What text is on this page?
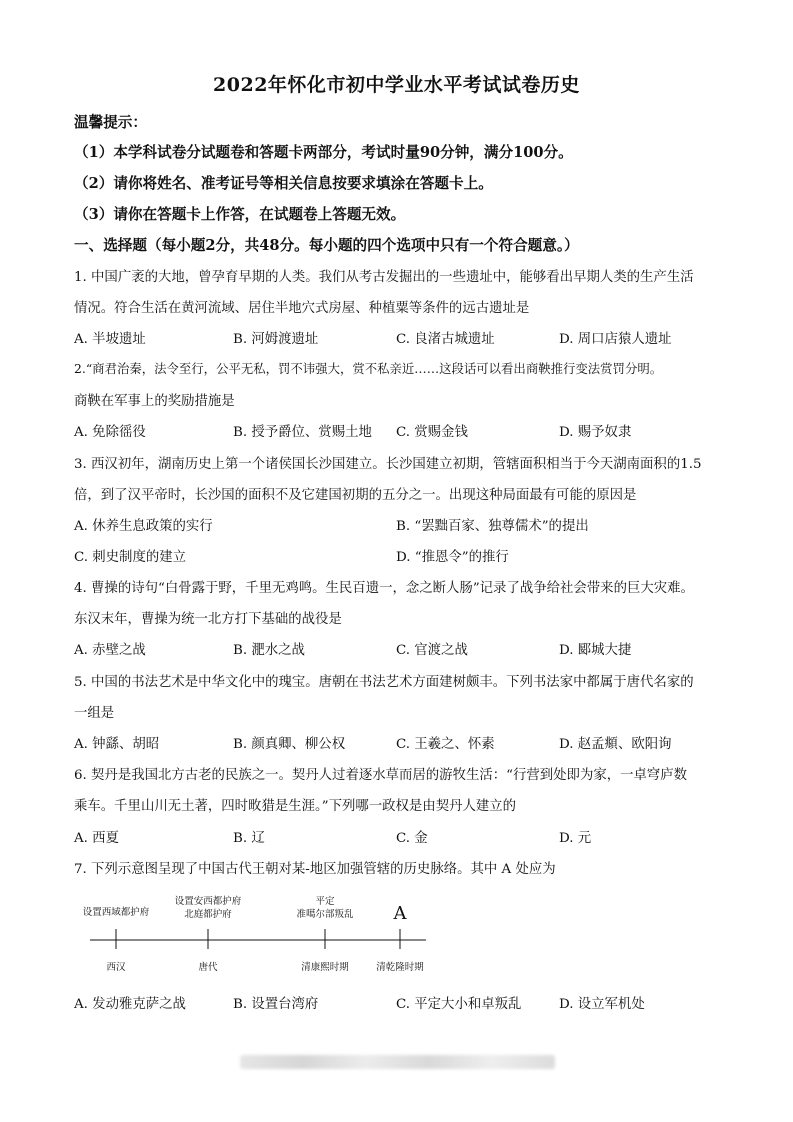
2022年怀化市初中学业水平考试试卷历史
温馨提示：
（1）本学科试卷分试题卷和答题卡两部分，考试时量90分钟，满分100分。
（2）请你将姓名、准考证号等相关信息按要求填涂在答题卡上。
（3）请你在答题卡上作答，在试题卷上答题无效。
一、选择题（每小题2分，共48分。每小题的四个选项中只有一个符合题意。）
1. 中国广袤的大地，曾孕育早期的人类。我们从考古发掘出的一些遗址中，能够看出早期人类的生产生活
情况。符合生活在黄河流域、居住半地穴式房屋、种植粟等条件的远古遗址是
A. 半坡遗址	B. 河姆渡遗址	C. 良渚古城遗址	D. 周口店猿人遗址
2.“商君治秦，法令至行，公平无私，罚不讳强大，赏不私亲近……这段话可以看出商鞅推行变法赏罚分明。
商鞅在军事上的奖励措施是
A. 免除徭役	B. 授予爵位、赏赐土地 C. 赏赐金钱	D. 赐予奴隶
3. 西汉初年，湖南历史上第一个诸侯国长沙国建立。长沙国建立初期，管辖面积相当于今天湖南面积的1.5
倍，到了汉平帝时，长沙国的面积不及它建国初期的五分之一。出现这种局面最有可能的原因是
A. 休养生息政策的实行	B. “罢黜百家、独尊儒术”的提出
C. 刺史制度的建立	D. “推恩令”的推行
4. 曹操的诗句“白骨露于野，千里无鸡鸣。生民百遗一，念之断人肠”记录了战争给社会带来的巨大灾难。
东汉末年，曹操为统一北方打下基础的战役是
A. 赤壁之战	B. 淝水之战	C. 官渡之战	D. 郾城大捷
5. 中国的书法艺术是中华文化中的瑰宝。唐朝在书法艺术方面建树颇丰。下列书法家中都属于唐代名家的
一组是
A. 钟繇、胡昭	B. 颜真卿、柳公权	C. 王羲之、怀素	D. 赵孟頫、欧阳询
6. 契丹是我国北方古老的民族之一。契丹人过着逐水草而居的游牧生活：“行营到处即为家，一卓穹庐数
乘车。千里山川无土著，四时畋猎是生涯。”下列哪一政权是由契丹人建立的
A. 西夏	B. 辽	C. 金	D. 元
7. 下列示意图呈现了中国古代王朝对某-地区加强管辖的历史脉络。其中 A 处应为
设置西域都护府
设置安西都护府
北庭都护府
平定
准噶尔部叛乱 A
西汉	唐代	清康熙时期	清乾隆时期
A. 发动雅克萨之战	B. 设置台湾府	C. 平定大小和卓叛乱	D. 设立军机处
